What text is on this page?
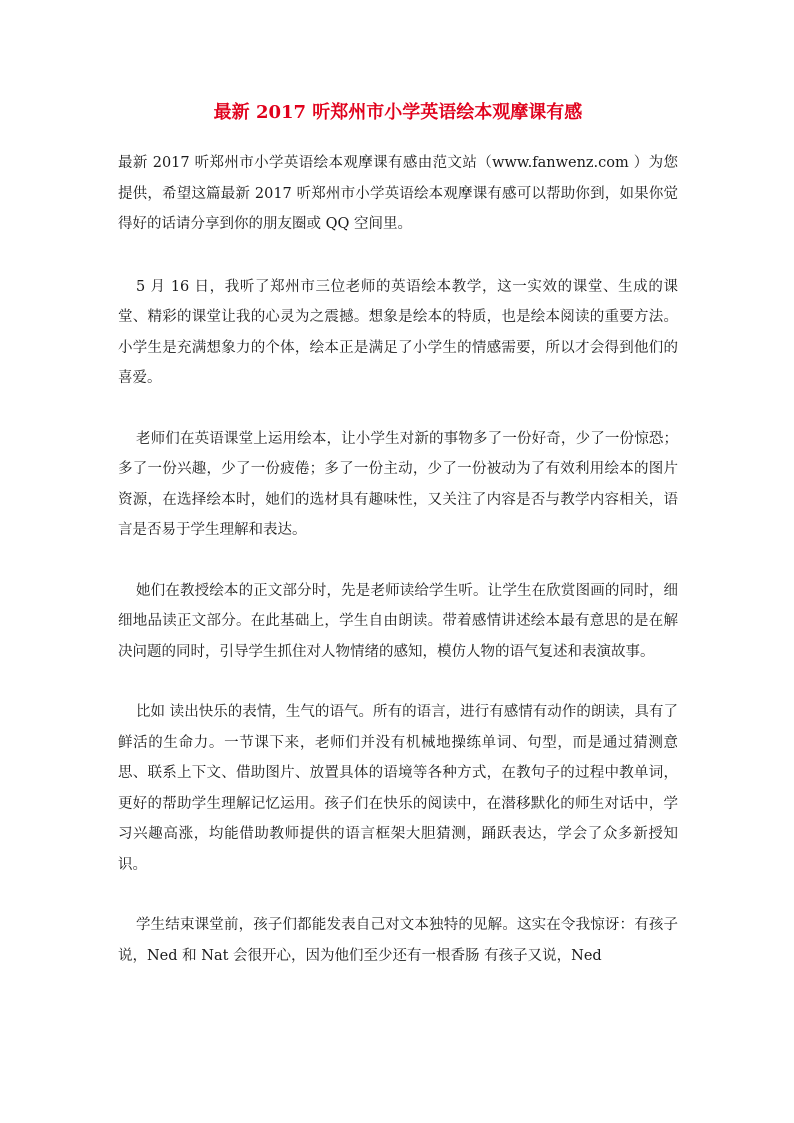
最新 2017 听郑州市小学英语绘本观摩课有感

最新 2017 听郑州市小学英语绘本观摩课有感由范文站（www.fanwenz.com ）为您提供，希望这篇最新 2017 听郑州市小学英语绘本观摩课有感可以帮助你到，如果你觉得好的话请分享到你的朋友圈或 QQ 空间里。

5 月 16 日，我听了郑州市三位老师的英语绘本教学，这一实效的课堂、生成的课堂、精彩的课堂让我的心灵为之震撼。想象是绘本的特质，也是绘本阅读的重要方法。小学生是充满想象力的个体，绘本正是满足了小学生的情感需要，所以才会得到他们的喜爱。

老师们在英语课堂上运用绘本，让小学生对新的事物多了一份好奇，少了一份惊恐；多了一份兴趣，少了一份疲倦；多了一份主动，少了一份被动为了有效利用绘本的图片资源，在选择绘本时，她们的选材具有趣味性，又关注了内容是否与教学内容相关，语言是否易于学生理解和表达。

她们在教授绘本的正文部分时，先是老师读给学生听。让学生在欣赏图画的同时，细细地品读正文部分。在此基础上，学生自由朗读。带着感情讲述绘本最有意思的是在解决问题的同时，引导学生抓住对人物情绪的感知，模仿人物的语气复述和表演故事。

比如 读出快乐的表情，生气的语气。所有的语言，进行有感情有动作的朗读，具有了鲜活的生命力。一节课下来，老师们并没有机械地操练单词、句型，而是通过猜测意思、联系上下文、借助图片、放置具体的语境等各种方式，在教句子的过程中教单词，更好的帮助学生理解记忆运用。孩子们在快乐的阅读中，在潜移默化的师生对话中，学习兴趣高涨，均能借助教师提供的语言框架大胆猜测，踊跃表达，学会了众多新授知识。

学生结束课堂前，孩子们都能发表自己对文本独特的见解。这实在令我惊讶：有孩子说，Ned 和 Nat 会很开心，因为他们至少还有一根香肠 有孩子又说，Ned
